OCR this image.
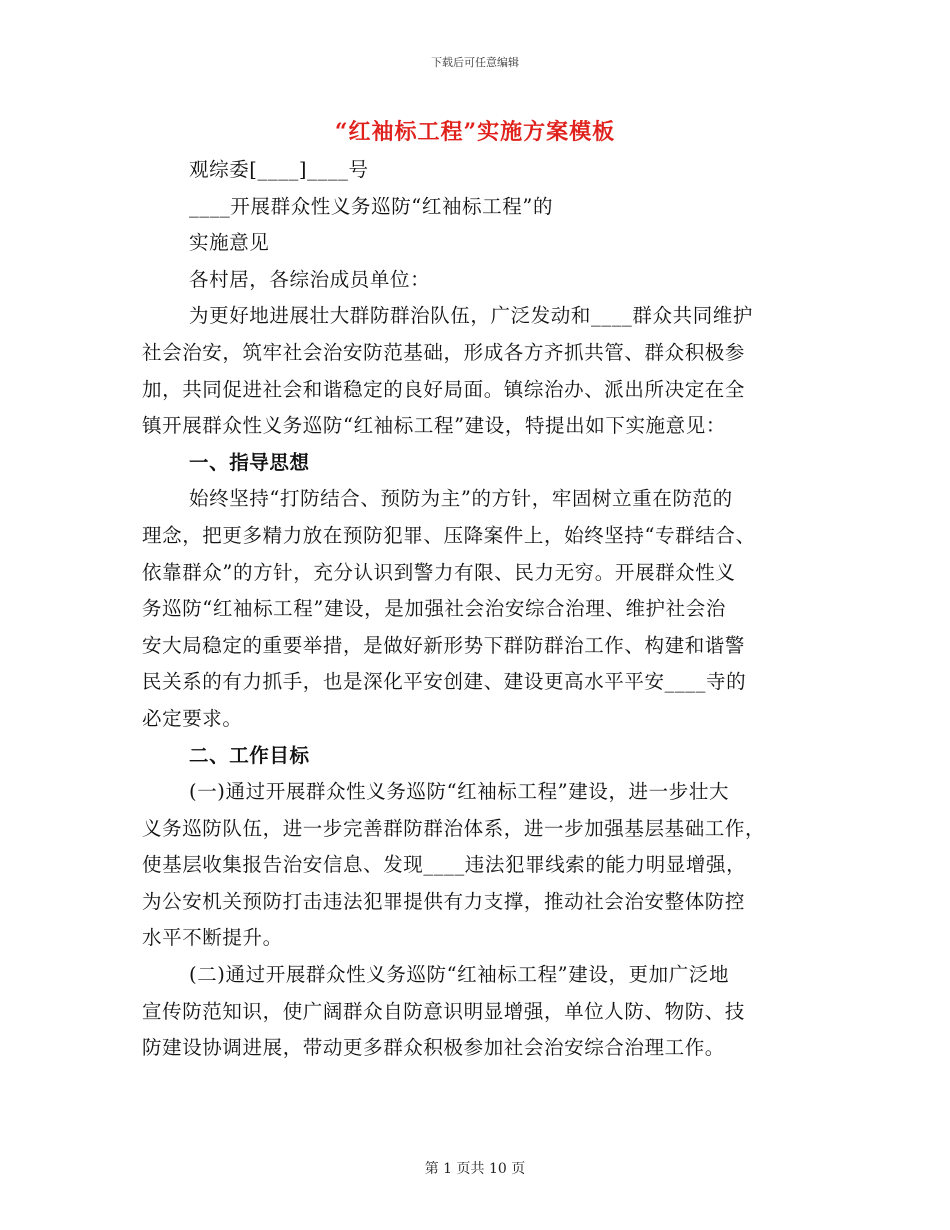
下载后可任意编辑
“红袖标工程”实施方案模板
观综委[____]____号
____开展群众性义务巡防“红袖标工程”的
实施意见
各村居，各综治成员单位：
为更好地进展壮大群防群治队伍，广泛发动和____群众共同维护
社会治安，筑牢社会治安防范基础，形成各方齐抓共管、群众积极参
加，共同促进社会和谐稳定的良好局面。镇综治办、派出所决定在全
镇开展群众性义务巡防“红袖标工程”建设，特提出如下实施意见：
一、指导思想
始终坚持“打防结合、预防为主”的方针，牢固树立重在防范的
理念，把更多精力放在预防犯罪、压降案件上，始终坚持“专群结合、
依靠群众”的方针，充分认识到警力有限、民力无穷。开展群众性义
务巡防“红袖标工程”建设，是加强社会治安综合治理、维护社会治
安大局稳定的重要举措，是做好新形势下群防群治工作、构建和谐警
民关系的有力抓手，也是深化平安创建、建设更高水平平安____寺的
必定要求。
二、工作目标
(一)通过开展群众性义务巡防“红袖标工程”建设，进一步壮大
义务巡防队伍，进一步完善群防群治体系，进一步加强基层基础工作，
使基层收集报告治安信息、发现____违法犯罪线索的能力明显增强，
为公安机关预防打击违法犯罪提供有力支撑，推动社会治安整体防控
水平不断提升。
(二)通过开展群众性义务巡防“红袖标工程”建设，更加广泛地
宣传防范知识，使广阔群众自防意识明显增强，单位人防、物防、技
防建设协调进展，带动更多群众积极参加社会治安综合治理工作。
第 1 页共 10 页
